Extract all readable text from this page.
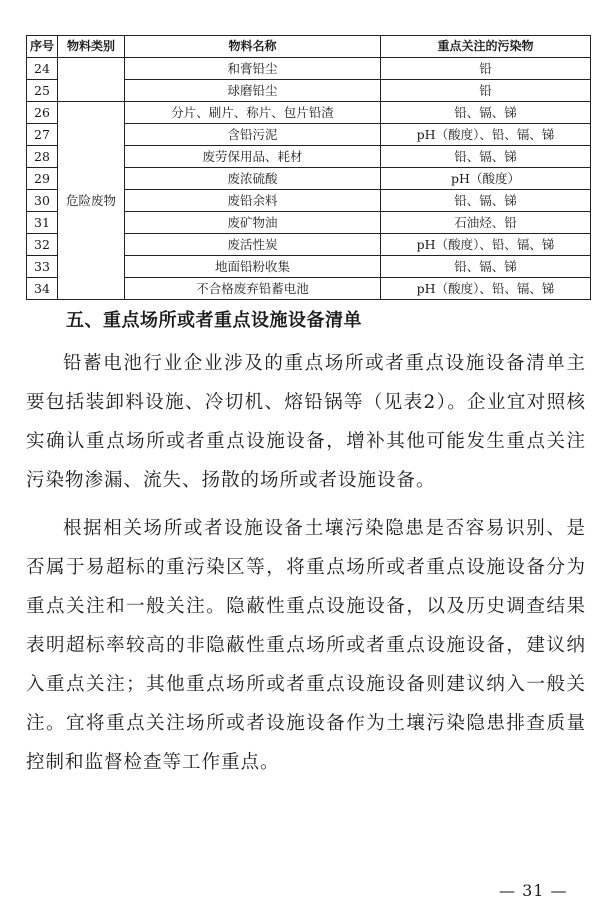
序号	物料类别	物料名称	重点关注的污染物
24		和膏铅尘	铅
25		球磨铅尘	铅
26	危险废物	分片、刷片、称片、包片铅渣	铅、镉、锑
27		含铅污泥	pH（酸度）、铅、镉、锑
28		废劳保用品、耗材	铅、镉、锑
29		废浓硫酸	pH（酸度）
30		废铅余料	铅、镉、锑
31		废矿物油	石油烃、铅
32		废活性炭	pH（酸度）、铅、镉、锑
33		地面铅粉收集	铅、镉、锑
34		不合格废弃铅蓄电池	pH（酸度）、铅、镉、锑
五、重点场所或者重点设施设备清单

铅蓄电池行业企业涉及的重点场所或者重点设施设备清单主要包括装卸料设施、冷切机、熔铅锅等（见表2）。企业宜对照核实确认重点场所或者重点设施设备，增补其他可能发生重点关注污染物渗漏、流失、扬散的场所或者设施设备。

根据相关场所或者设施设备土壤污染隐患是否容易识别、是否属于易超标的重污染区等，将重点场所或者重点设施设备分为重点关注和一般关注。隐蔽性重点设施设备，以及历史调查结果表明超标率较高的非隐蔽性重点场所或者重点设施设备，建议纳入重点关注；其他重点场所或者重点设施设备则建议纳入一般关注。宜将重点关注场所或者设施设备作为土壤污染隐患排查质量控制和监督检查等工作重点。

— 31 —
